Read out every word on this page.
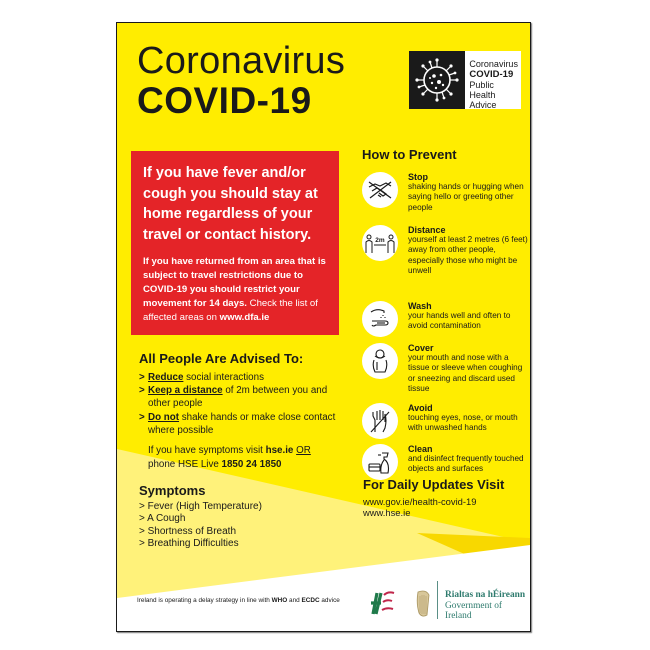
Coronavirus
COVID-19
Coronavirus
COVID-19
Public Health
Advice
If you have fever and/or cough you should stay at home regardless of your travel or contact history.
If you have returned from an area that is subject to travel restrictions due to COVID-19 you should restrict your movement for 14 days. Check the list of affected areas on www.dfa.ie
All People Are Advised To:
> Reduce social interactions
> Keep a distance of 2m between you and other people
> Do not shake hands or make close contact where possible
If you have symptoms visit hse.ie OR
phone HSE Live 1850 24 1850
Symptoms
> Fever (High Temperature)
> A Cough
> Shortness of Breath
> Breathing Difficulties
Ireland is operating a delay strategy in line with WHO and ECDC advice
How to Prevent
Stop
shaking hands or hugging when saying hello or greeting other people
2m
Distance
yourself at least 2 metres (6 feet) away from other people, especially those who might be unwell
Wash
your hands well and often to avoid contamination
Cover
your mouth and nose with a tissue or sleeve when coughing or sneezing and discard used tissue
Avoid
touching eyes, nose, or mouth with unwashed hands
Clean
and disinfect frequently touched objects and surfaces
For Daily Updates Visit
www.gov.ie/health-covid-19
www.hse.ie
Rialtas na hÉireann
Government of Ireland
